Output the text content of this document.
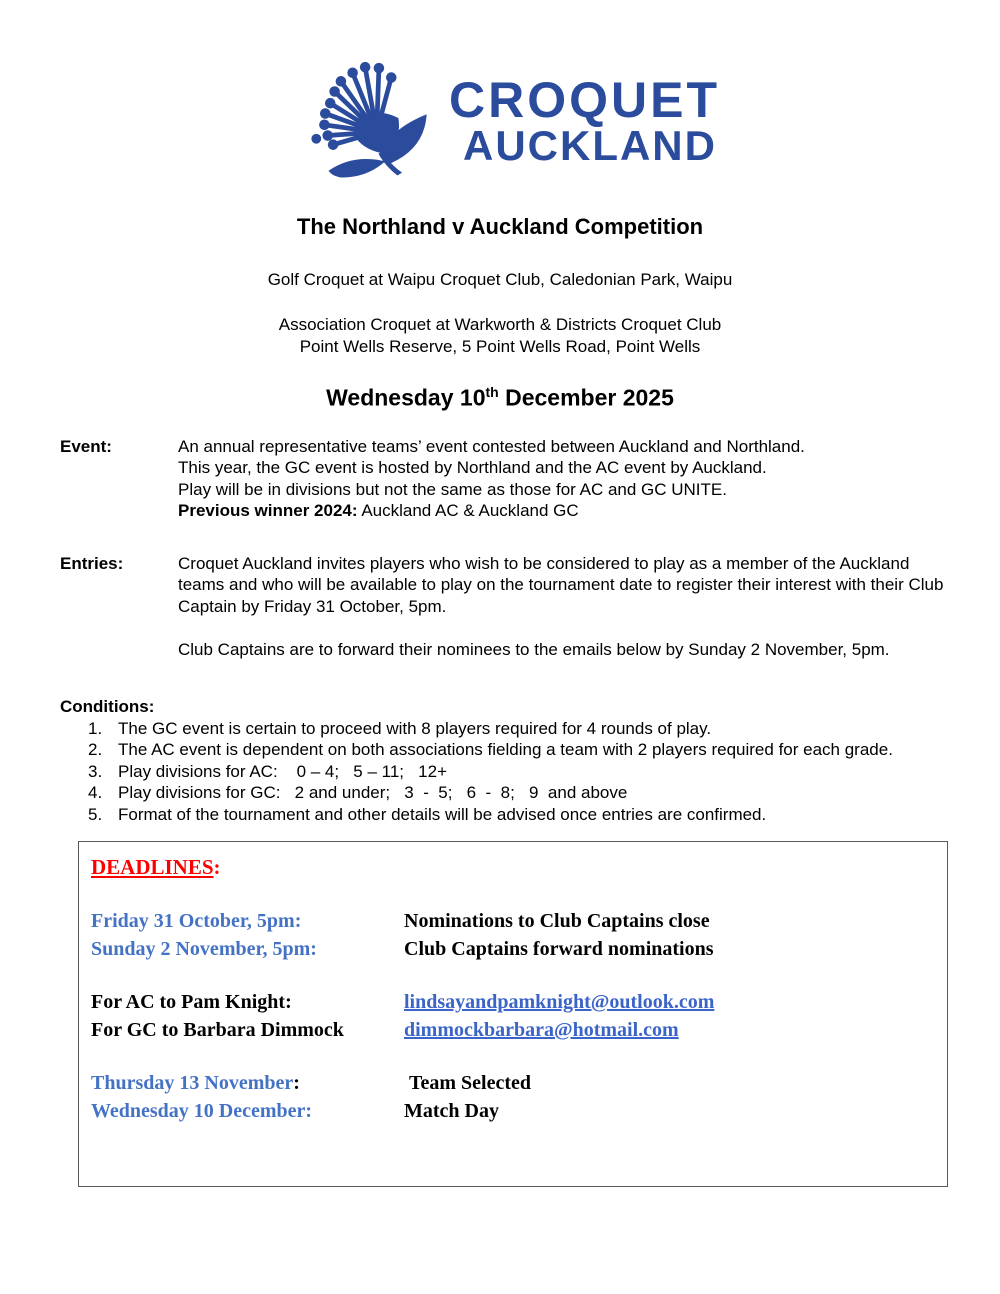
CROQUET
AUCKLAND
The Northland v Auckland Competition
Golf Croquet at Waipu Croquet Club, Caledonian Park, Waipu
Association Croquet at Warkworth & Districts Croquet Club
Point Wells Reserve, 5 Point Wells Road, Point Wells
Wednesday 10th December 2025
Event:	An annual representative teams’ event contested between Auckland and Northland.
This year, the GC event is hosted by Northland and the AC event by Auckland.
Play will be in divisions but not the same as those for AC and GC UNITE.
Previous winner 2024: Auckland AC & Auckland GC
Entries:	Croquet Auckland invites players who wish to be considered to play as a member of the Auckland teams and who will be available to play on the tournament date to register their interest with their Club Captain by Friday 31 October, 5pm.
Club Captains are to forward their nominees to the emails below by Sunday 2 November, 5pm.
Conditions:
1. The GC event is certain to proceed with 8 players required for 4 rounds of play.
2. The AC event is dependent on both associations fielding a team with 2 players required for each grade.
3. Play divisions for AC:    0 – 4;   5 – 11;   12+
4. Play divisions for GC:   2 and under;   3  -  5;   6  -  8;   9  and above
5. Format of the tournament and other details will be advised once entries are confirmed.
DEADLINES:
Friday 31 October, 5pm:	Nominations to Club Captains close
Sunday 2 November, 5pm:	Club Captains forward nominations
For AC to Pam Knight:	lindsayandpamknight@outlook.com
For GC to Barbara Dimmock	dimmockbarbara@hotmail.com
Thursday 13 November:	Team Selected
Wednesday 10 December:	Match Day
